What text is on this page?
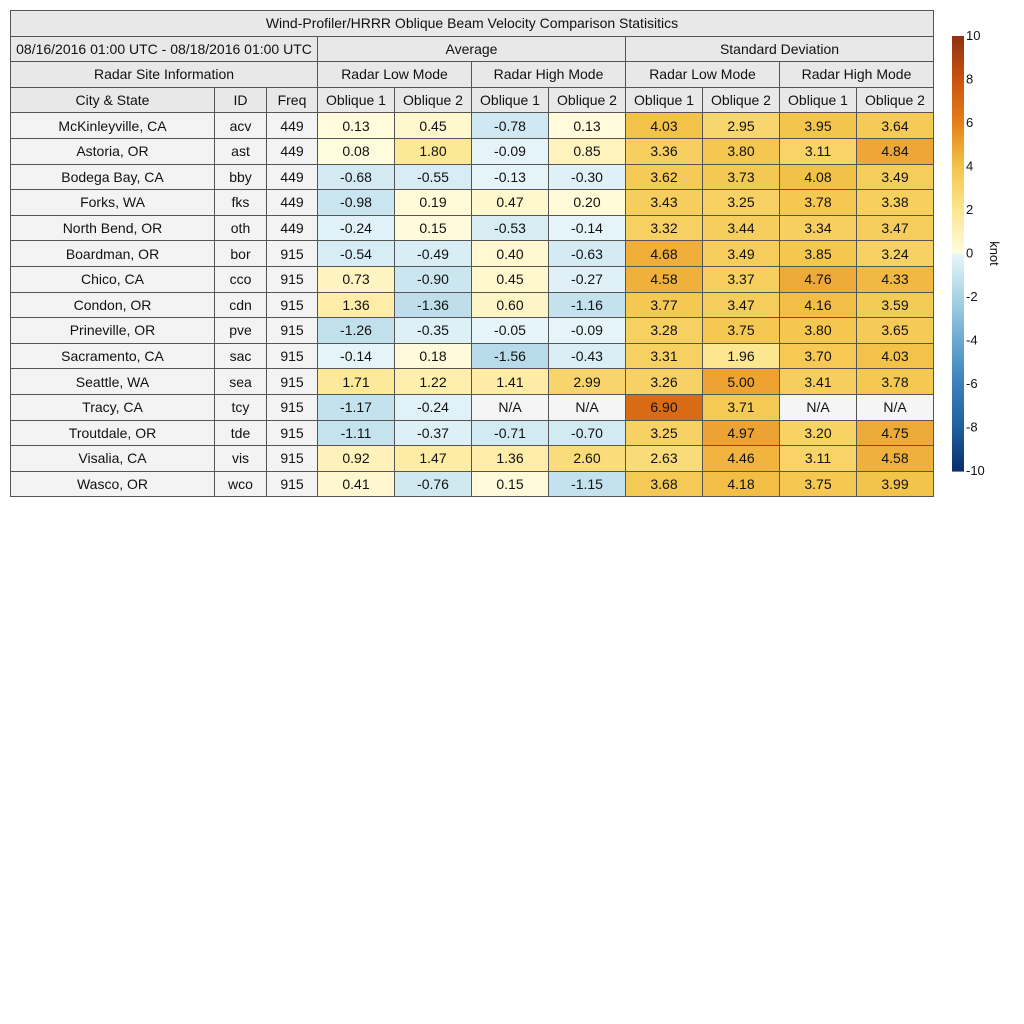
Wind-Profiler/HRRR Oblique Beam Velocity Comparison Statisitics										
08/16/2016 01:00 UTC - 08/18/2016 01:00 UTC			Average				Standard Deviation			
Radar Site Information			Radar Low Mode		Radar High Mode		Radar Low Mode		Radar High Mode	
City & State	ID	Freq	Oblique 1	Oblique 2	Oblique 1	Oblique 2	Oblique 1	Oblique 2	Oblique 1	Oblique 2
McKinleyville, CA	acv	449	0.13	0.45	-0.78	0.13	4.03	2.95	3.95	3.64
Astoria, OR	ast	449	0.08	1.80	-0.09	0.85	3.36	3.80	3.11	4.84
Bodega Bay, CA	bby	449	-0.68	-0.55	-0.13	-0.30	3.62	3.73	4.08	3.49
Forks, WA	fks	449	-0.98	0.19	0.47	0.20	3.43	3.25	3.78	3.38
North Bend, OR	oth	449	-0.24	0.15	-0.53	-0.14	3.32	3.44	3.34	3.47
Boardman, OR	bor	915	-0.54	-0.49	0.40	-0.63	4.68	3.49	3.85	3.24
Chico, CA	cco	915	0.73	-0.90	0.45	-0.27	4.58	3.37	4.76	4.33
Condon, OR	cdn	915	1.36	-1.36	0.60	-1.16	3.77	3.47	4.16	3.59
Prineville, OR	pve	915	-1.26	-0.35	-0.05	-0.09	3.28	3.75	3.80	3.65
Sacramento, CA	sac	915	-0.14	0.18	-1.56	-0.43	3.31	1.96	3.70	4.03
Seattle, WA	sea	915	1.71	1.22	1.41	2.99	3.26	5.00	3.41	3.78
Tracy, CA	tcy	915	-1.17	-0.24	N/A	N/A	6.90	3.71	N/A	N/A
Troutdale, OR	tde	915	-1.11	-0.37	-0.71	-0.70	3.25	4.97	3.20	4.75
Visalia, CA	vis	915	0.92	1.47	1.36	2.60	2.63	4.46	3.11	4.58
Wasco, OR	wco	915	0.41	-0.76	0.15	-1.15	3.68	4.18	3.75	3.99
10
8
6
4
2
0
-2
-4
-6
-8
-10
knot
